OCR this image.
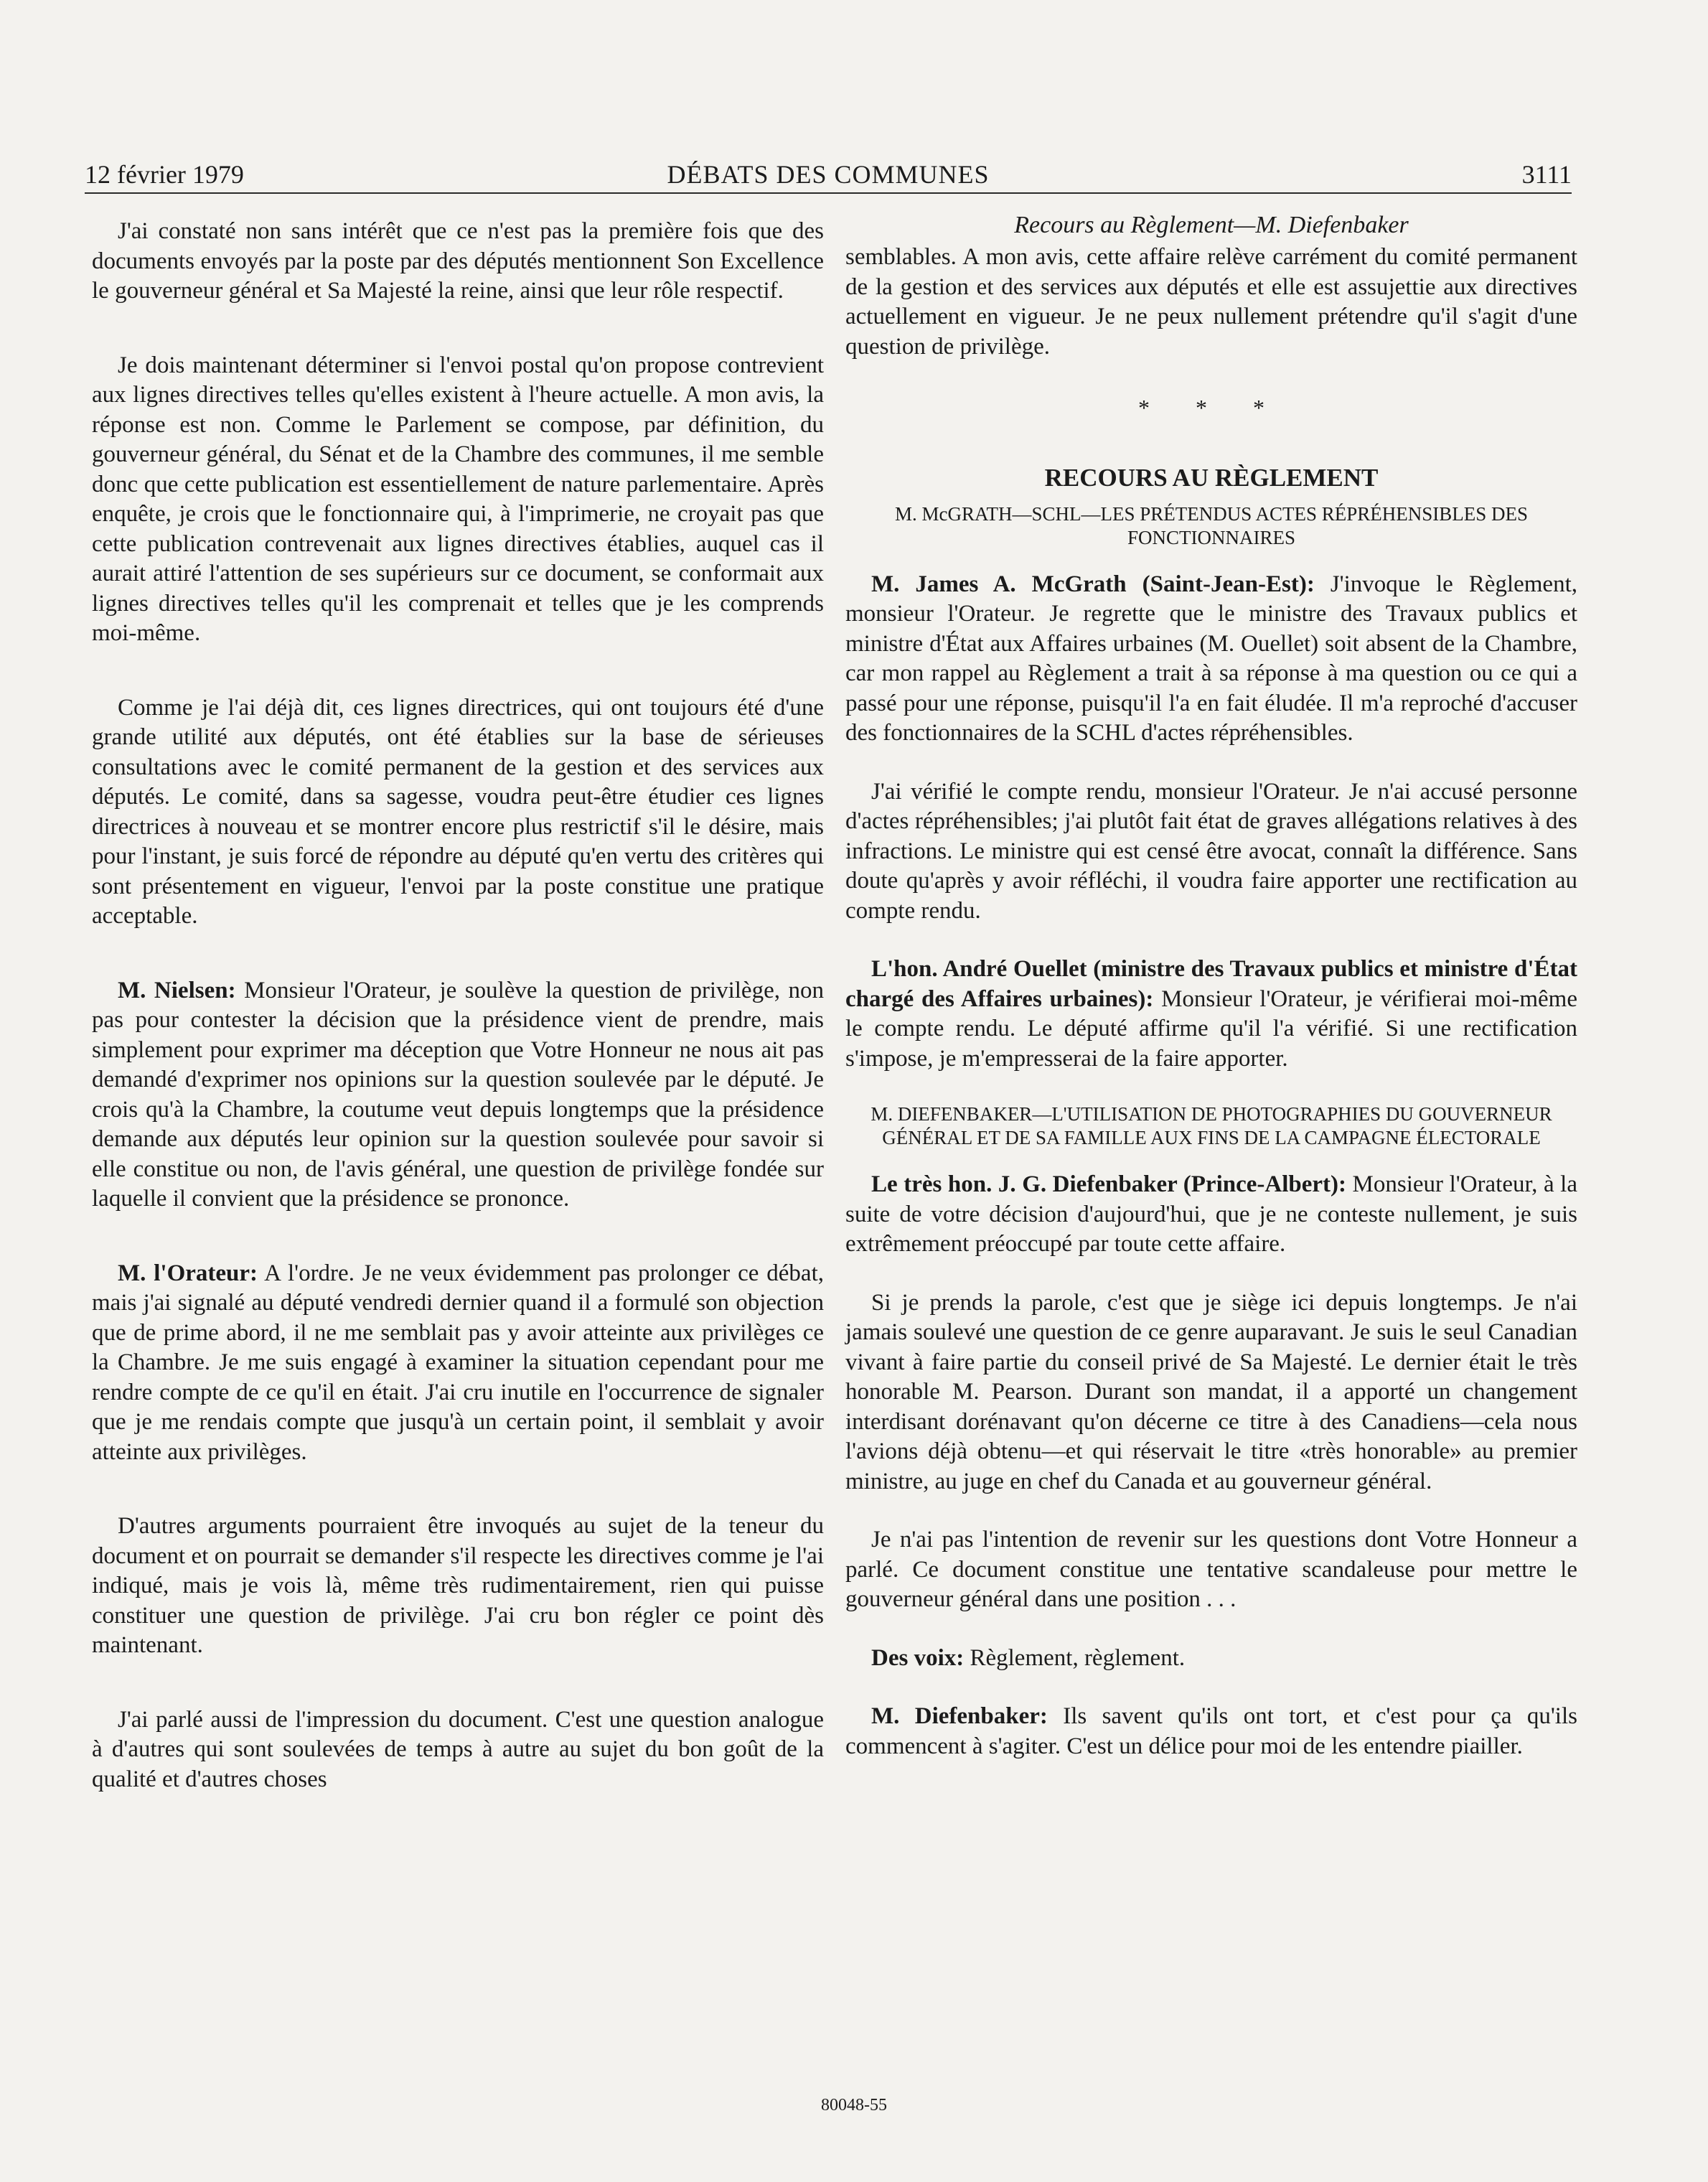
12 février 1979	DÉBATS DES COMMUNES	3111

J'ai constaté non sans intérêt que ce n'est pas la première fois que des documents envoyés par la poste par des députés mentionnent Son Excellence le gouverneur général et Sa Majesté la reine, ainsi que leur rôle respectif.

Je dois maintenant déterminer si l'envoi postal qu'on propose contrevient aux lignes directives telles qu'elles existent à l'heure actuelle. A mon avis, la réponse est non. Comme le Parlement se compose, par définition, du gouverneur général, du Sénat et de la Chambre des communes, il me semble donc que cette publication est essentiellement de nature parlementaire. Après enquête, je crois que le fonctionnaire qui, à l'imprimerie, ne croyait pas que cette publication contrevenait aux lignes directives établies, auquel cas il aurait attiré l'attention de ses supérieurs sur ce document, se conformait aux lignes directives telles qu'il les comprenait et telles que je les comprends moi-même.

Comme je l'ai déjà dit, ces lignes directrices, qui ont toujours été d'une grande utilité aux députés, ont été établies sur la base de sérieuses consultations avec le comité permanent de la gestion et des services aux députés. Le comité, dans sa sagesse, voudra peut-être étudier ces lignes directrices à nouveau et se montrer encore plus restrictif s'il le désire, mais pour l'instant, je suis forcé de répondre au député qu'en vertu des critères qui sont présentement en vigueur, l'envoi par la poste constitue une pratique acceptable.

M. Nielsen: Monsieur l'Orateur, je soulève la question de privilège, non pas pour contester la décision que la présidence vient de prendre, mais simplement pour exprimer ma déception que Votre Honneur ne nous ait pas demandé d'exprimer nos opinions sur la question soulevée par le député. Je crois qu'à la Chambre, la coutume veut depuis longtemps que la présidence demande aux députés leur opinion sur la question soulevée pour savoir si elle constitue ou non, de l'avis général, une question de privilège fondée sur laquelle il convient que la présidence se prononce.

M. l'Orateur: A l'ordre. Je ne veux évidemment pas prolonger ce débat, mais j'ai signalé au député vendredi dernier quand il a formulé son objection que de prime abord, il ne me semblait pas y avoir atteinte aux privilèges ce la Chambre. Je me suis engagé à examiner la situation cependant pour me rendre compte de ce qu'il en était. J'ai cru inutile en l'occurrence de signaler que je me rendais compte que jusqu'à un certain point, il semblait y avoir atteinte aux privilèges.

D'autres arguments pourraient être invoqués au sujet de la teneur du document et on pourrait se demander s'il respecte les directives comme je l'ai indiqué, mais je vois là, même très rudimentairement, rien qui puisse constituer une question de privilège. J'ai cru bon régler ce point dès maintenant.

J'ai parlé aussi de l'impression du document. C'est une question analogue à d'autres qui sont soulevées de temps à autre au sujet du bon goût de la qualité et d'autres choses

Recours au Règlement—M. Diefenbaker

semblables. A mon avis, cette affaire relève carrément du comité permanent de la gestion et des services aux députés et elle est assujettie aux directives actuellement en vigueur. Je ne peux nullement prétendre qu'il s'agit d'une question de privilège.

* * *
RECOURS AU RÈGLEMENT
M. McGRATH—SCHL—LES PRÉTENDUS ACTES RÉPRÉHENSIBLES DES FONCTIONNAIRES

M. James A. McGrath (Saint-Jean-Est): J'invoque le Règlement, monsieur l'Orateur. Je regrette que le ministre des Travaux publics et ministre d'État aux Affaires urbaines (M. Ouellet) soit absent de la Chambre, car mon rappel au Règlement a trait à sa réponse à ma question ou ce qui a passé pour une réponse, puisqu'il l'a en fait éludée. Il m'a reproché d'accuser des fonctionnaires de la SCHL d'actes répréhensibles.

J'ai vérifié le compte rendu, monsieur l'Orateur. Je n'ai accusé personne d'actes répréhensibles; j'ai plutôt fait état de graves allégations relatives à des infractions. Le ministre qui est censé être avocat, connaît la différence. Sans doute qu'après y avoir réfléchi, il voudra faire apporter une rectification au compte rendu.

L'hon. André Ouellet (ministre des Travaux publics et ministre d'État chargé des Affaires urbaines): Monsieur l'Orateur, je vérifierai moi-même le compte rendu. Le député affirme qu'il l'a vérifié. Si une rectification s'impose, je m'empresserai de la faire apporter.

M. DIEFENBAKER—L'UTILISATION DE PHOTOGRAPHIES DU GOUVERNEUR GÉNÉRAL ET DE SA FAMILLE AUX FINS DE LA CAMPAGNE ÉLECTORALE

Le très hon. J. G. Diefenbaker (Prince-Albert): Monsieur l'Orateur, à la suite de votre décision d'aujourd'hui, que je ne conteste nullement, je suis extrêmement préoccupé par toute cette affaire.

Si je prends la parole, c'est que je siège ici depuis longtemps. Je n'ai jamais soulevé une question de ce genre auparavant. Je suis le seul Canadian vivant à faire partie du conseil privé de Sa Majesté. Le dernier était le très honorable M. Pearson. Durant son mandat, il a apporté un changement interdisant dorénavant qu'on décerne ce titre à des Canadiens—cela nous l'avions déjà obtenu—et qui réservait le titre «très honorable» au premier ministre, au juge en chef du Canada et au gouverneur général.

Je n'ai pas l'intention de revenir sur les questions dont Votre Honneur a parlé. Ce document constitue une tentative scandaleuse pour mettre le gouverneur général dans une position . . .

Des voix: Règlement, règlement.

M. Diefenbaker: Ils savent qu'ils ont tort, et c'est pour ça qu'ils commencent à s'agiter. C'est un délice pour moi de les entendre piailler.

80048-55
